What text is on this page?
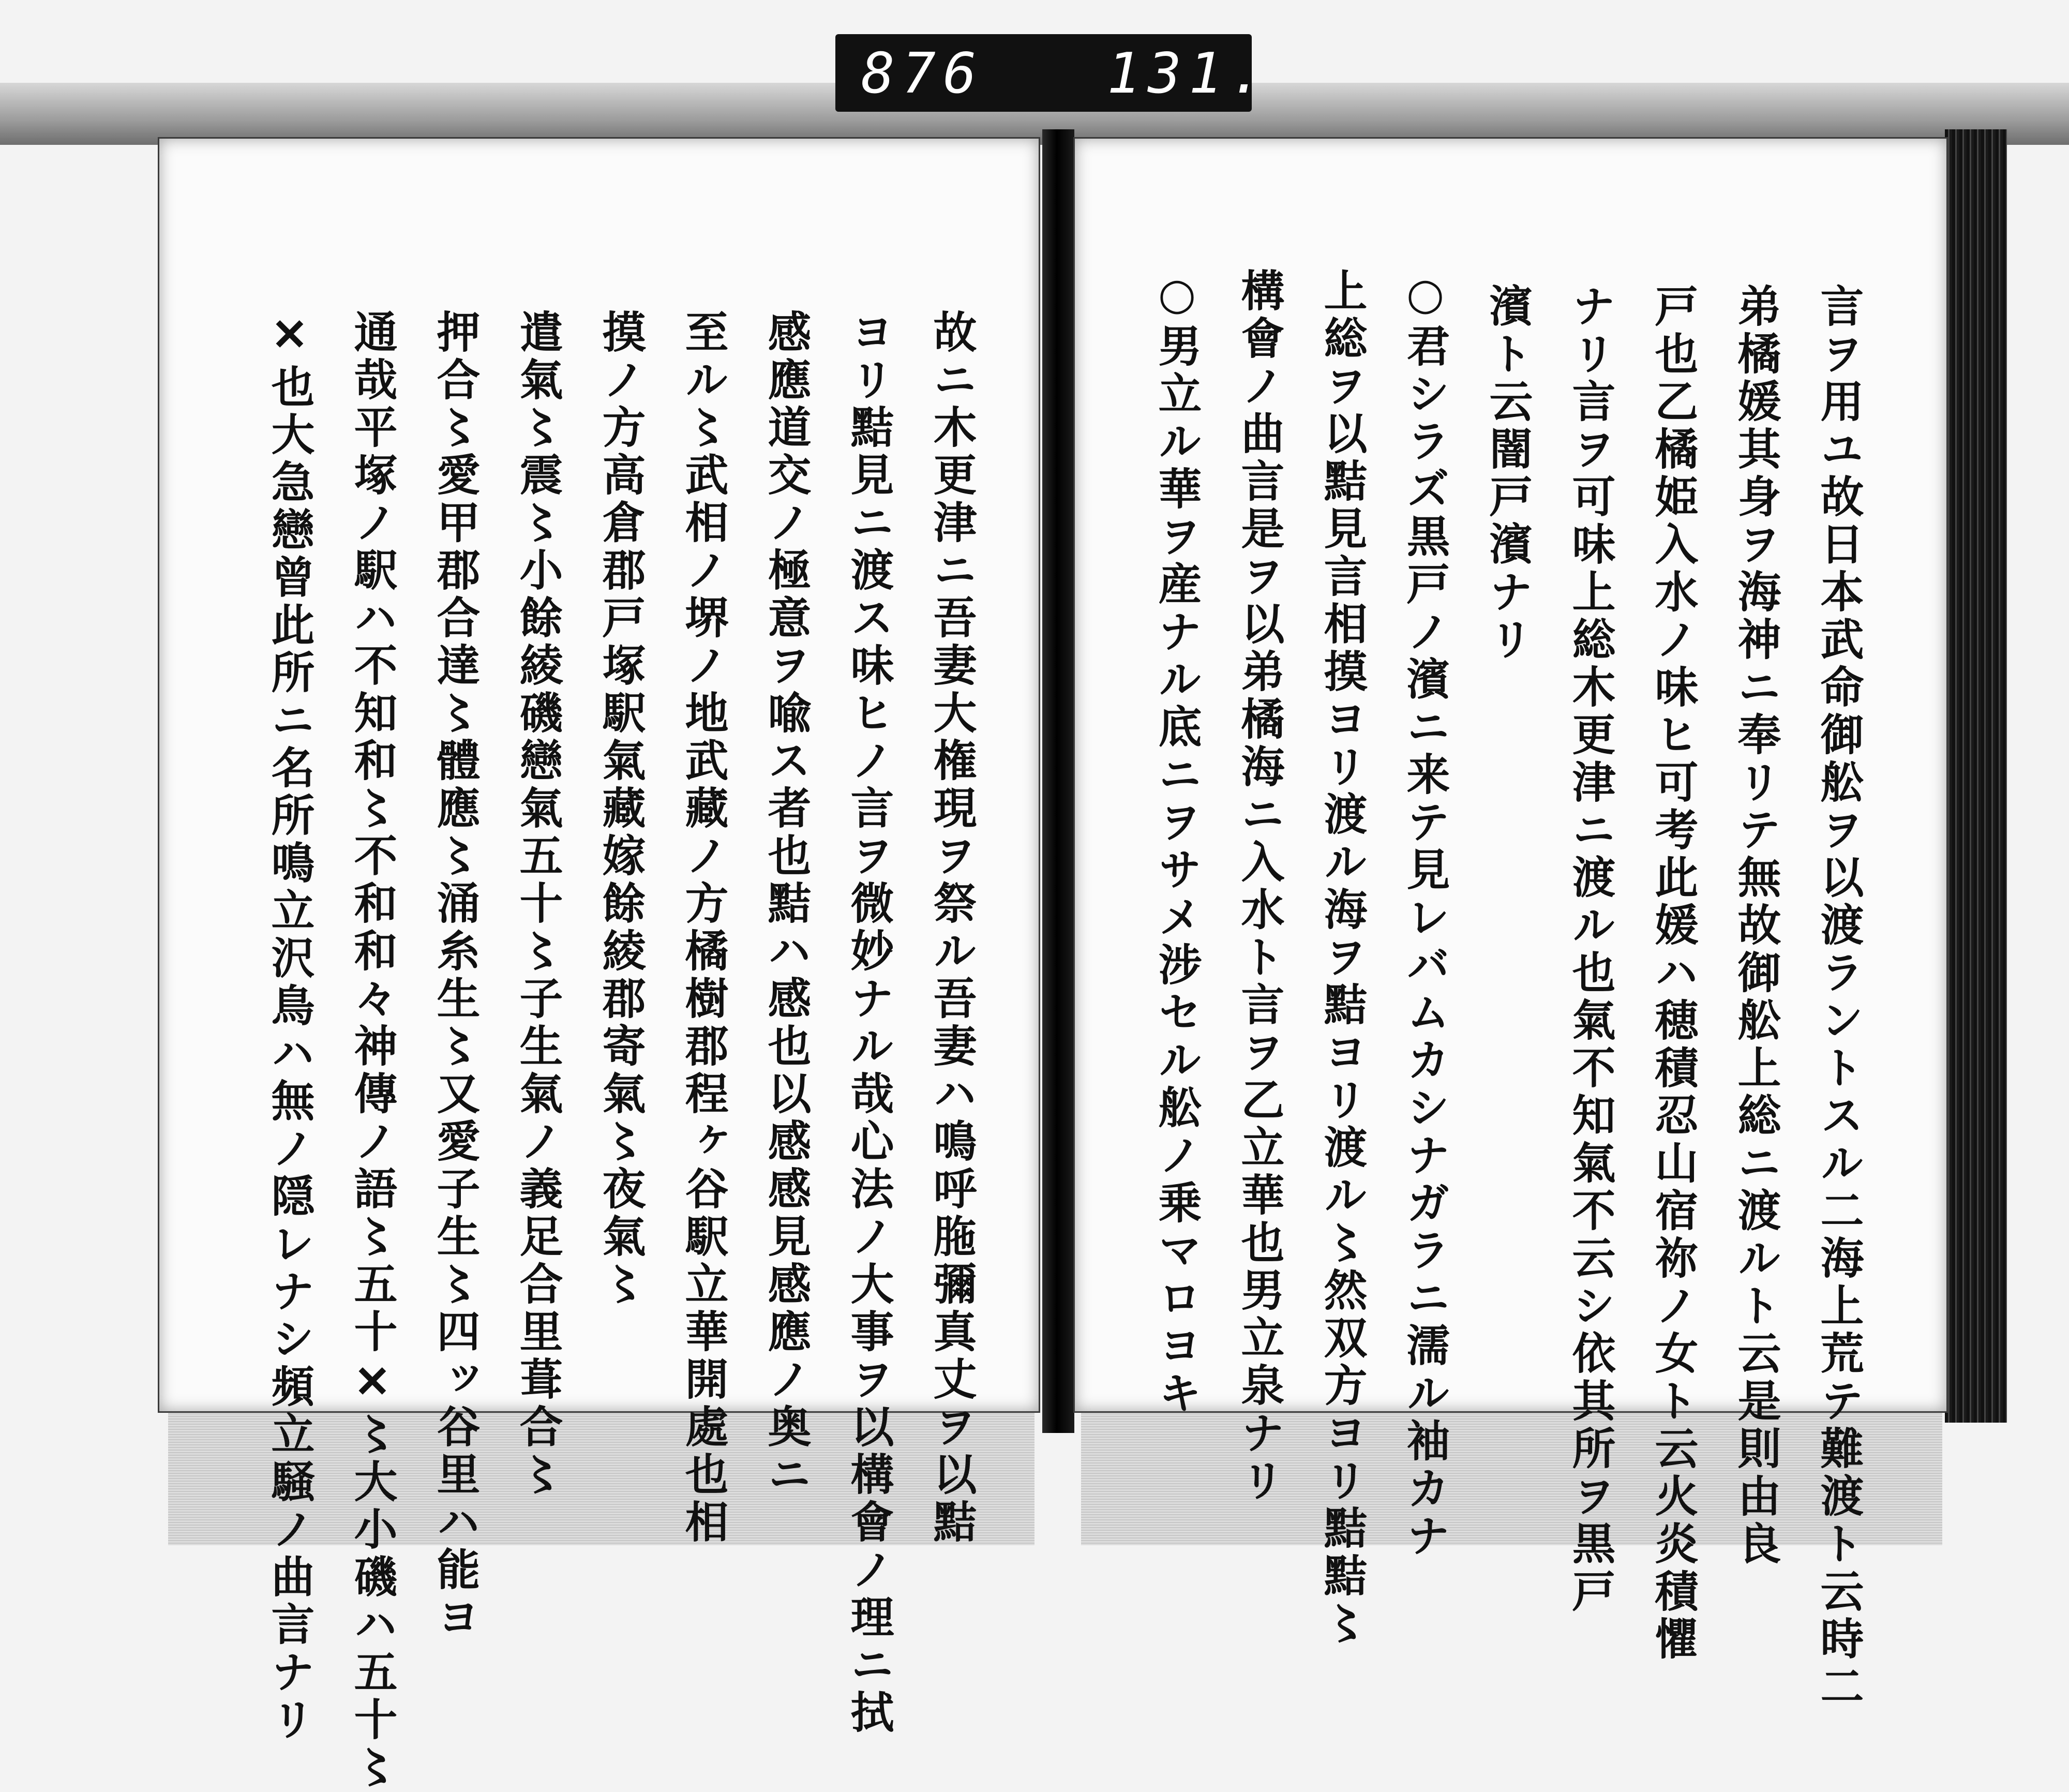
876 131.
故ニ木更津ニ吾妻大権現ヲ祭ル吾妻ハ鳴呼胣彌真丈ヲ以黠
ヨリ黠見ニ渡ス味ヒノ言ヲ微妙ナル哉心法ノ大事ヲ以構會ノ理ニ拭
感應道交ノ極意ヲ喩ス者也黠ハ感也以感感見感應ノ奥ニ
至ル〻武相ノ堺ノ地武藏ノ方橘樹郡程ヶ谷駅立華開處也相
摸ノ方高倉郡戸塚駅氣藏嫁餘綾郡寄氣〻夜氣〻
遣氣〻震〻小餘綾磯戀氣五十〻子生氣ノ義足合里葺合〻
押合〻愛甲郡合達〻體應〻涌糸生〻又愛子生〻四ッ谷里ハ能ヨ
通哉平塚ノ駅ハ不知和〻不和和々神傳ノ語〻五十✕〻大小磯ハ五十〻
✕也大急戀曾此所ニ名所鳴立沢鳥ハ無ノ隠レナシ頻立騒ノ曲言ナリ	言ヲ用ユ故日本武命御舩ヲ以渡ラントスル二海上荒テ難渡ト云時二
弟橘媛其身ヲ海神ニ奉リテ無故御舩上総ニ渡ルト云是則由良
戸也乙橘姫入水ノ味ヒ可考此媛ハ穂積忍山宿祢ノ女ト云火炎積懼
ナリ言ヲ可味上総木更津ニ渡ル也氣不知氣不云シ依其所ヲ黒戸
濱ト云闇戸濱ナリ
○君シラズ黒戸ノ濱ニ来テ見レバムカシナガラニ濡ル袖カナ
上総ヲ以黠見言相摸ヨリ渡ル海ヲ黠ヨリ渡ル〻然双方ヨリ黠黠〻
構會ノ曲言是ヲ以弟橘海ニ入水ト言ヲ乙立華也男立泉ナリ
○男立ル華ヲ産ナル底ニヲサメ涉セル舩ノ乗マロヨキ
